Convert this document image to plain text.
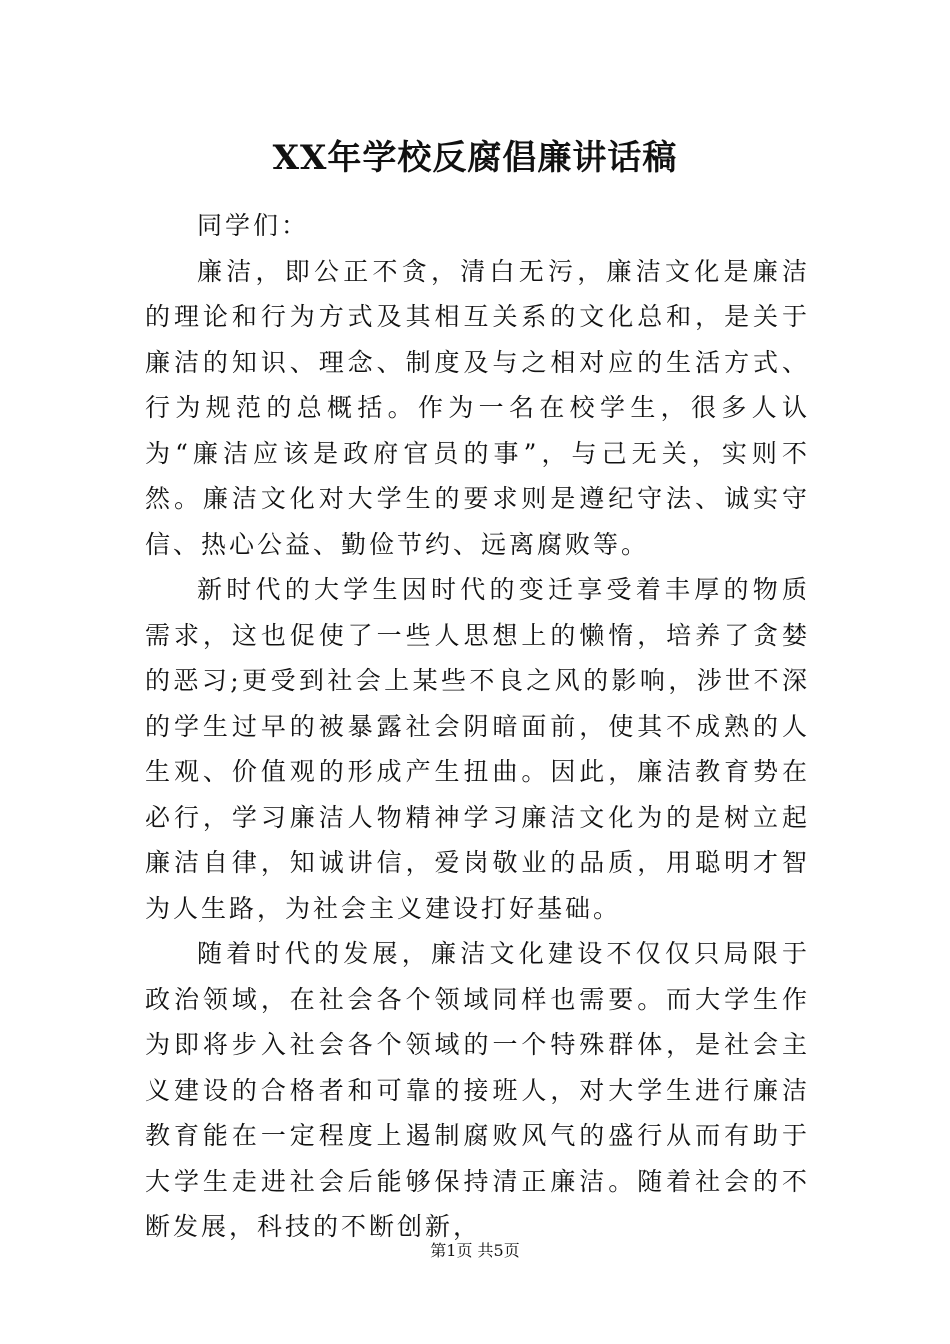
XX年学校反腐倡廉讲话稿

同学们：

廉洁，即公正不贪，清白无污，廉洁文化是廉洁的理论和行为方式及其相互关系的文化总和，是关于廉洁的知识、理念、制度及与之相对应的生活方式、行为规范的总概括。作为一名在校学生，很多人认为“廉洁应该是政府官员的事”，与己无关，实则不然。廉洁文化对大学生的要求则是遵纪守法、诚实守信、热心公益、勤俭节约、远离腐败等。

新时代的大学生因时代的变迁享受着丰厚的物质需求，这也促使了一些人思想上的懒惰，培养了贪婪的恶习;更受到社会上某些不良之风的影响，涉世不深的学生过早的被暴露社会阴暗面前，使其不成熟的人生观、价值观的形成产生扭曲。因此，廉洁教育势在必行，学习廉洁人物精神学习廉洁文化为的是树立起廉洁自律，知诚讲信，爱岗敬业的品质，用聪明才智为人生路，为社会主义建设打好基础。

随着时代的发展，廉洁文化建设不仅仅只局限于政治领域，在社会各个领域同样也需要。而大学生作为即将步入社会各个领域的一个特殊群体，是社会主义建设的合格者和可靠的接班人，对大学生进行廉洁教育能在一定程度上遏制腐败风气的盛行从而有助于大学生走进社会后能够保持清正廉洁。随着社会的不断发展，科技的不断创新，

第1页 共5页
